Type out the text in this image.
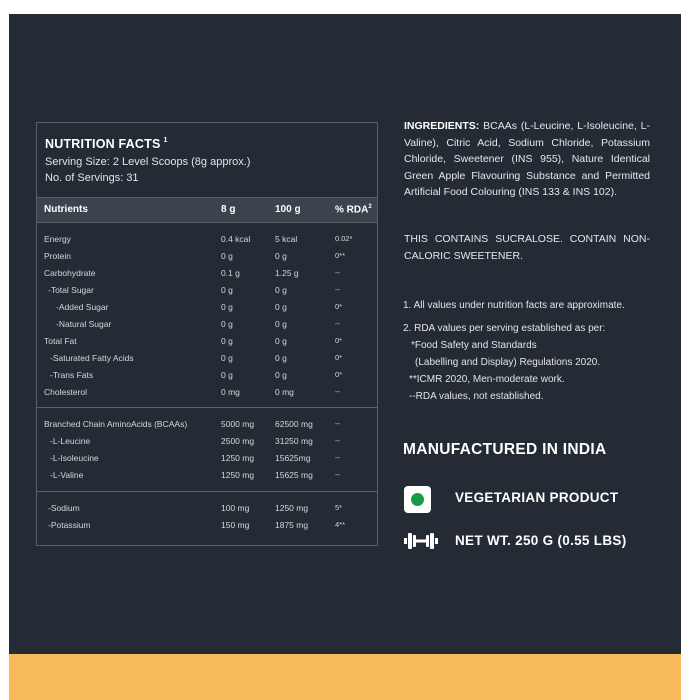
NUTRITION FACTS $^1$
Serving Size: 2 Level Scoops (8g approx.)
No. of Servings: 31
Nutrients	8 g	100 g	% RDA$^2$
Energy	0.4 kcal	5 kcal	0.02*
Protein	0 g	0 g	0**
Carbohydrate	0.1 g	1.25 g	--
-Total Sugar	0 g	0 g	--
-Added Sugar	0 g	0 g	0*
-Natural Sugar	0 g	0 g	--
Total Fat	0 g	0 g	0*
-Saturated Fatty Acids	0 g	0 g	0*
-Trans Fats	0 g	0 g	0*
Cholesterol	0 mg	0 mg	--
Branched Chain AminoAcids (BCAAs)	5000 mg 62500 mg	--
-L-Leucine	2500 mg 31250 mg	--
-L-Isoleucine	1250 mg 15625mg	--
-L-Valine	1250 mg 15625 mg	--
-Sodium	100 mg	1250 mg	5*
-Potassium	150 mg	1875 mg	4**
INGREDIENTS: BCAAs (L-Leucine, L-Isoleucine, L-Valine), Citric Acid, Sodium Chloride, Potassium Chloride, Sweetener (INS 955), Nature Identical Green Apple Flavouring Substance and Permitted Artificial Food Colouring (INS 133 & INS 102).
THIS CONTAINS SUCRALOSE. CONTAIN NON-CALORIC SWEETENER.
1. All values under nutrition facts are approximate.
2. RDA values per serving established as per:
*Food Safety and Standards
(Labelling and Display) Regulations 2020.
**ICMR 2020, Men-moderate work.
--RDA values, not established.
MANUFACTURED IN INDIA
VEGETARIAN PRODUCT
NET WT. 250 G (0.55 LBS)
